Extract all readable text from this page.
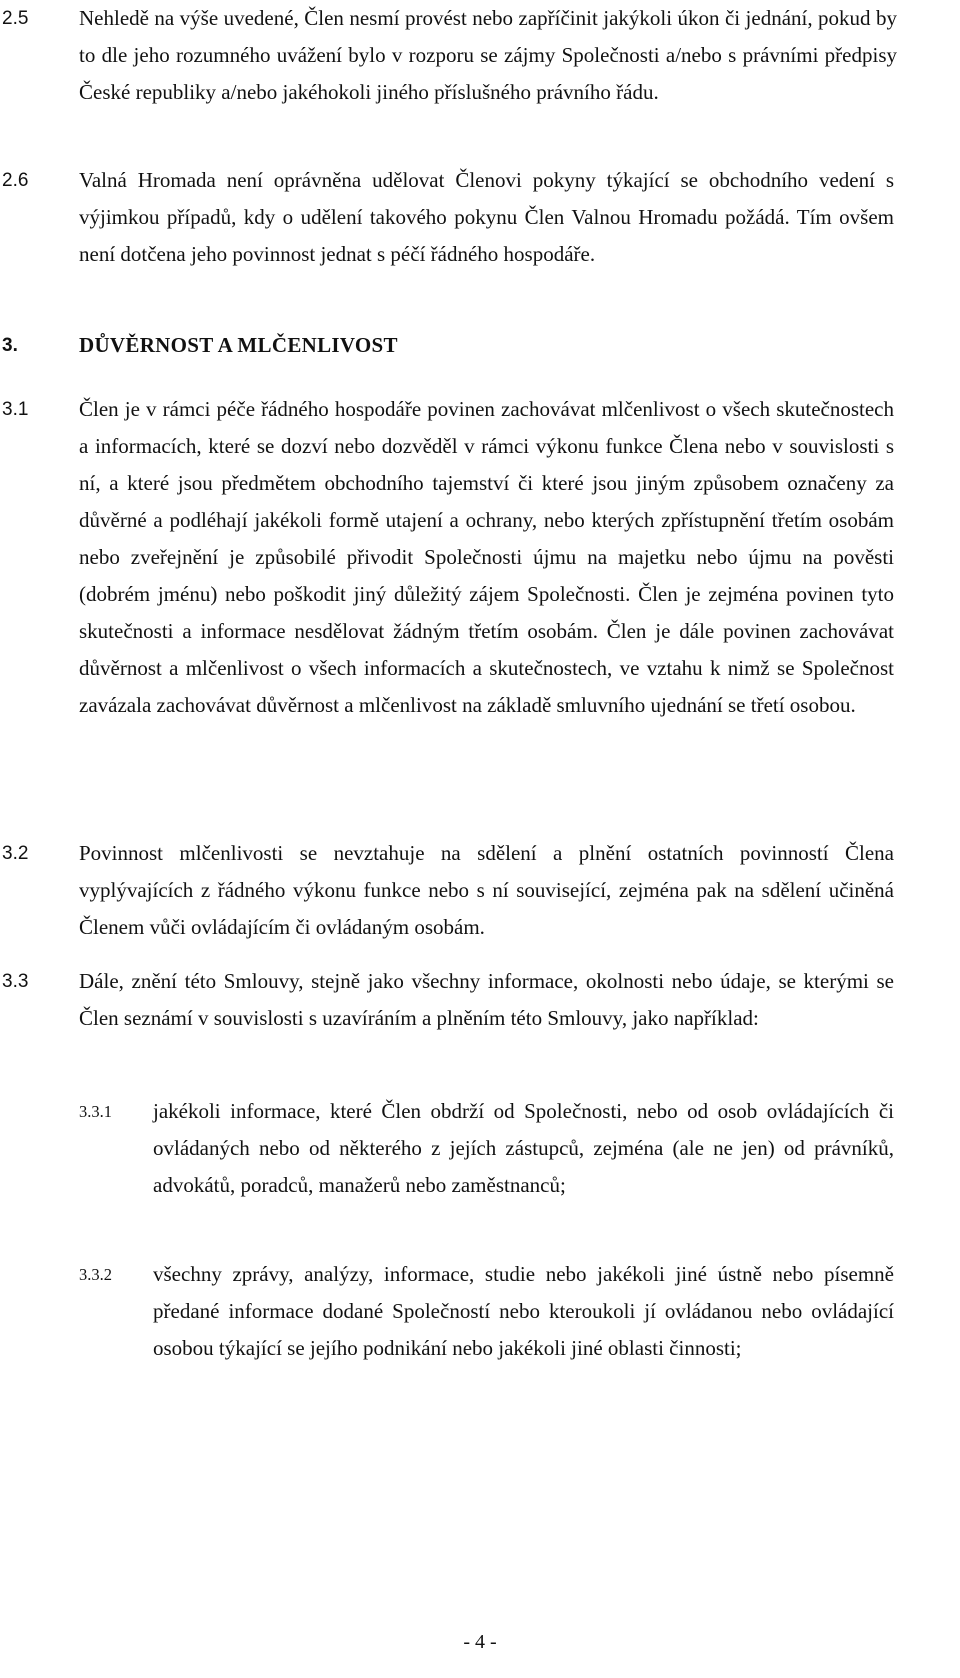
2.5 Nehledě na výše uvedené, Člen nesmí provést nebo zapříčinit jakýkoli úkon či jednání, pokud by to dle jeho rozumného uvážení bylo v rozporu se zájmy Společnosti a/nebo s právními předpisy České republiky a/nebo jakéhokoli jiného příslušného právního řádu.

2.6 Valná Hromada není oprávněna udělovat Členovi pokyny týkající se obchodního vedení s výjimkou případů, kdy o udělení takového pokynu Člen Valnou Hromadu požádá. Tím ovšem není dotčena jeho povinnost jednat s péčí řádného hospodáře.

3.	DŮVĚRNOST A MLČENLIVOST
3.1 Člen je v rámci péče řádného hospodáře povinen zachovávat mlčenlivost o všech skutečnostech a informacích, které se dozví nebo dozvěděl v rámci výkonu funkce Člena nebo v souvislosti s ní, a které jsou předmětem obchodního tajemství či které jsou jiným způsobem označeny za důvěrné a podléhají jakékoli formě utajení a ochrany, nebo kterých zpřístupnění třetím osobám nebo zveřejnění je způsobilé přivodit Společnosti újmu na majetku nebo újmu na pověsti (dobrém jménu) nebo poškodit jiný důležitý zájem Společnosti. Člen je zejména povinen tyto skutečnosti a informace nesdělovat žádným třetím osobám. Člen je dále povinen zachovávat důvěrnost a mlčenlivost o všech informacích a skutečnostech, ve vztahu k nimž se Společnost zavázala zachovávat důvěrnost a mlčenlivost na základě smluvního ujednání se třetí osobou.

3.2 Povinnost mlčenlivosti se nevztahuje na sdělení a plnění ostatních povinností Člena vyplývajících z řádného výkonu funkce nebo s ní související, zejména pak na sdělení učiněná Členem vůči ovládajícím či ovládaným osobám.

3.3 Dále, znění této Smlouvy, stejně jako všechny informace, okolnosti nebo údaje, se kterými se Člen seznámí v souvislosti s uzavíráním a plněním této Smlouvy, jako například:

3.3.1 jakékoli informace, které Člen obdrží od Společnosti, nebo od osob ovládajících či ovládaných nebo od některého z jejích zástupců, zejména (ale ne jen) od právníků, advokátů, poradců, manažerů nebo zaměstnanců;

3.3.2 všechny zprávy, analýzy, informace, studie nebo jakékoli jiné ústně nebo písemně předané informace dodané Společností nebo kteroukoli jí ovládanou nebo ovládající osobou týkající se jejího podnikání nebo jakékoli jiné oblasti činnosti;

- 4 -
